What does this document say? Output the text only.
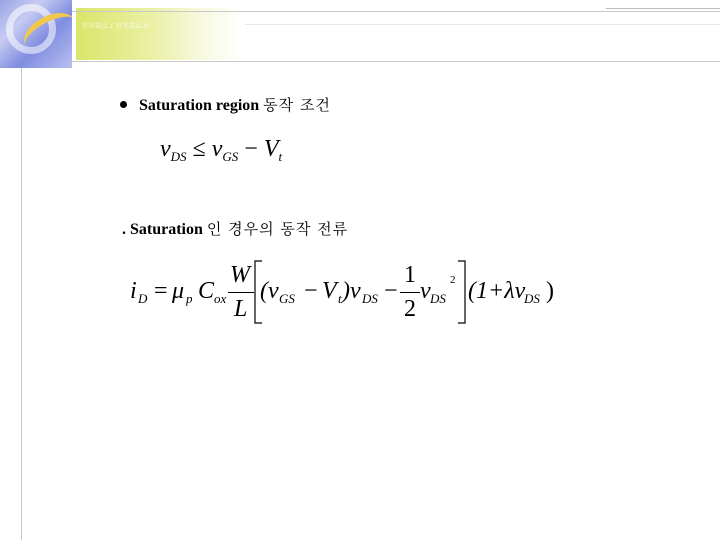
전자회로 / 전자회로 II
Saturation region 동작 조건
$v_{DS} \le v_{GS} - V_t$
. Saturation 인 경우의 동작 전류
i D = μ p C ox
W
L
(v GS − V t )v DS −
1
2
v DS
2 (1+λv
DS )
